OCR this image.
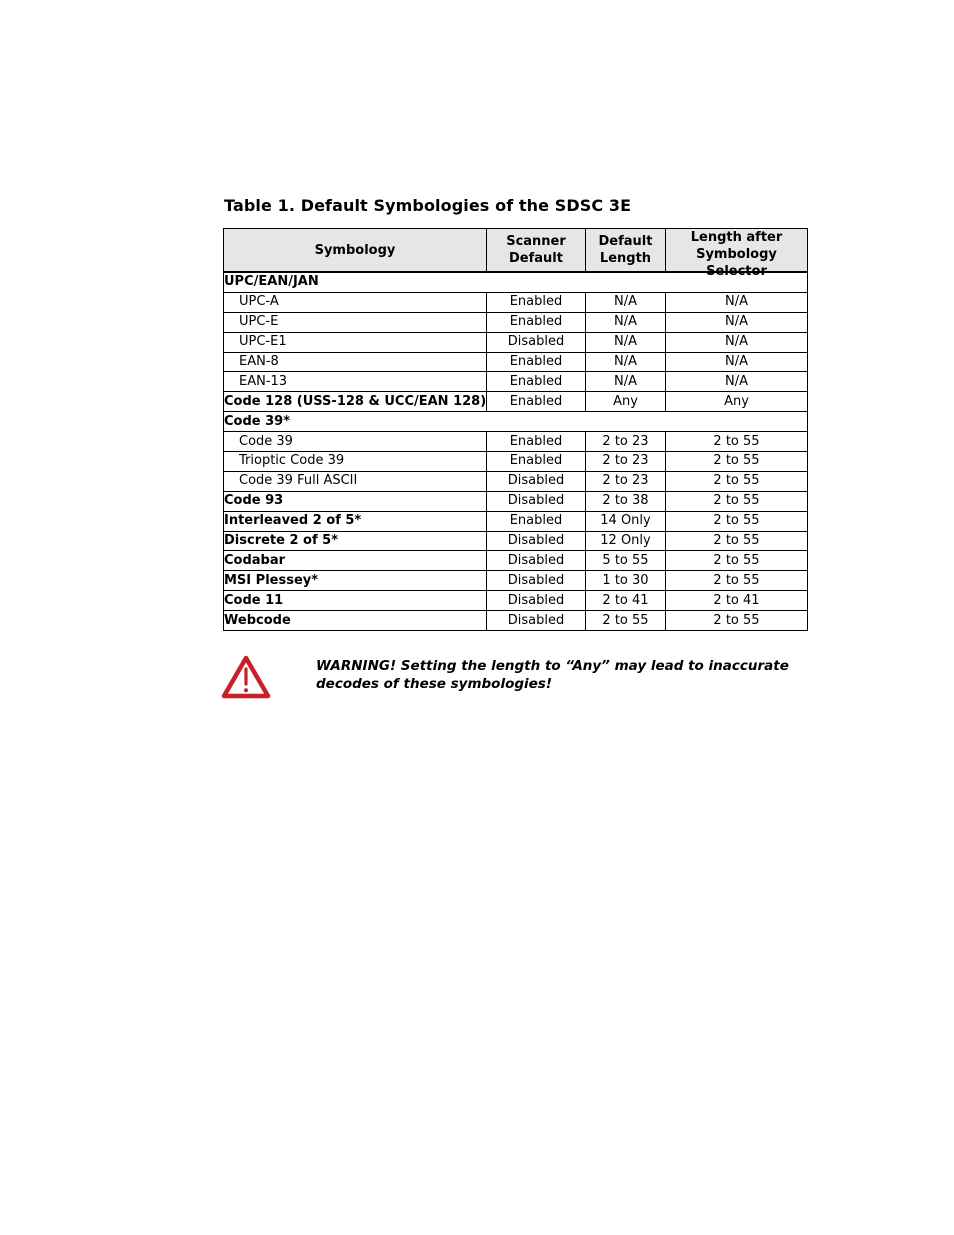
Table 1. Default Symbologies of the SDSC 3E
Symbology	Scanner Default	Default Length	Length after Symbology Selector

UPC/EAN/JAN			
UPC-A	Enabled	N/A	N/A
UPC-E	Enabled	N/A	N/A
UPC-E1	Disabled	N/A	N/A
EAN-8	Enabled	N/A	N/A
EAN-13	Enabled	N/A	N/A
Code 128 (USS-128 & UCC/EAN 128)	Enabled	Any	Any
Code 39*			
Code 39	Enabled	2 to 23	2 to 55
Trioptic Code 39	Enabled	2 to 23	2 to 55
Code 39 Full ASCII	Disabled	2 to 23	2 to 55
Code 93	Disabled	2 to 38	2 to 55
Interleaved 2 of 5*	Enabled	14 Only	2 to 55
Discrete 2 of 5*	Disabled	12 Only	2 to 55
Codabar	Disabled	5 to 55	2 to 55
MSI Plessey*	Disabled	1 to 30	2 to 55
Code 11	Disabled	2 to 41	2 to 41
Webcode	Disabled	2 to 55	2 to 55

WARNING! Setting the length to “Any” may lead to inaccurate decodes of these symbologies!
